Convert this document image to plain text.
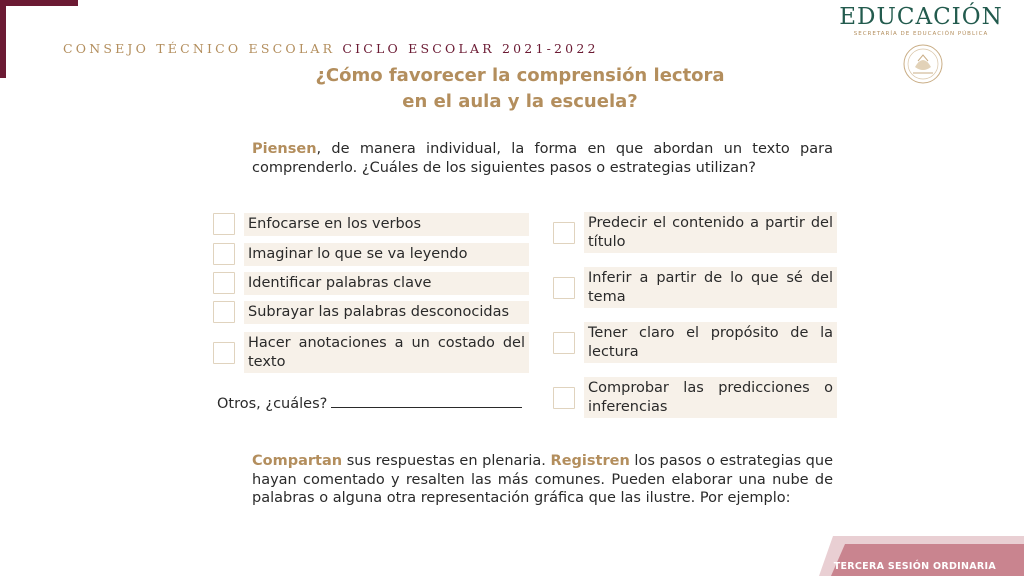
CONSEJO TÉCNICO ESCOLAR CICLO ESCOLAR 2021-2022
EDUCACIÓN
SECRETARÍA DE EDUCACIÓN PÚBLICA
¿Cómo favorecer la comprensión lectora
en el aula y la escuela?
Piensen, de manera individual, la forma en que abordan un texto para comprenderlo. ¿Cuáles de los siguientes pasos o estrategias utilizan?
Enfocarse en los verbos
Imaginar lo que se va leyendo
Identificar palabras clave
Subrayar las palabras desconocidas
Hacer anotaciones a un costado del texto
Otros, ¿cuáles?
Predecir el contenido a partir del título
Inferir a partir de lo que sé del tema
Tener claro el propósito de la lectura
Comprobar las predicciones o inferencias
Compartan sus respuestas en plenaria. Registren los pasos o estrategias que hayan comentado y resalten las más comunes. Pueden elaborar una nube de palabras o alguna otra representación gráfica que las ilustre. Por ejemplo:
TERCERA SESIÓN ORDINARIA
